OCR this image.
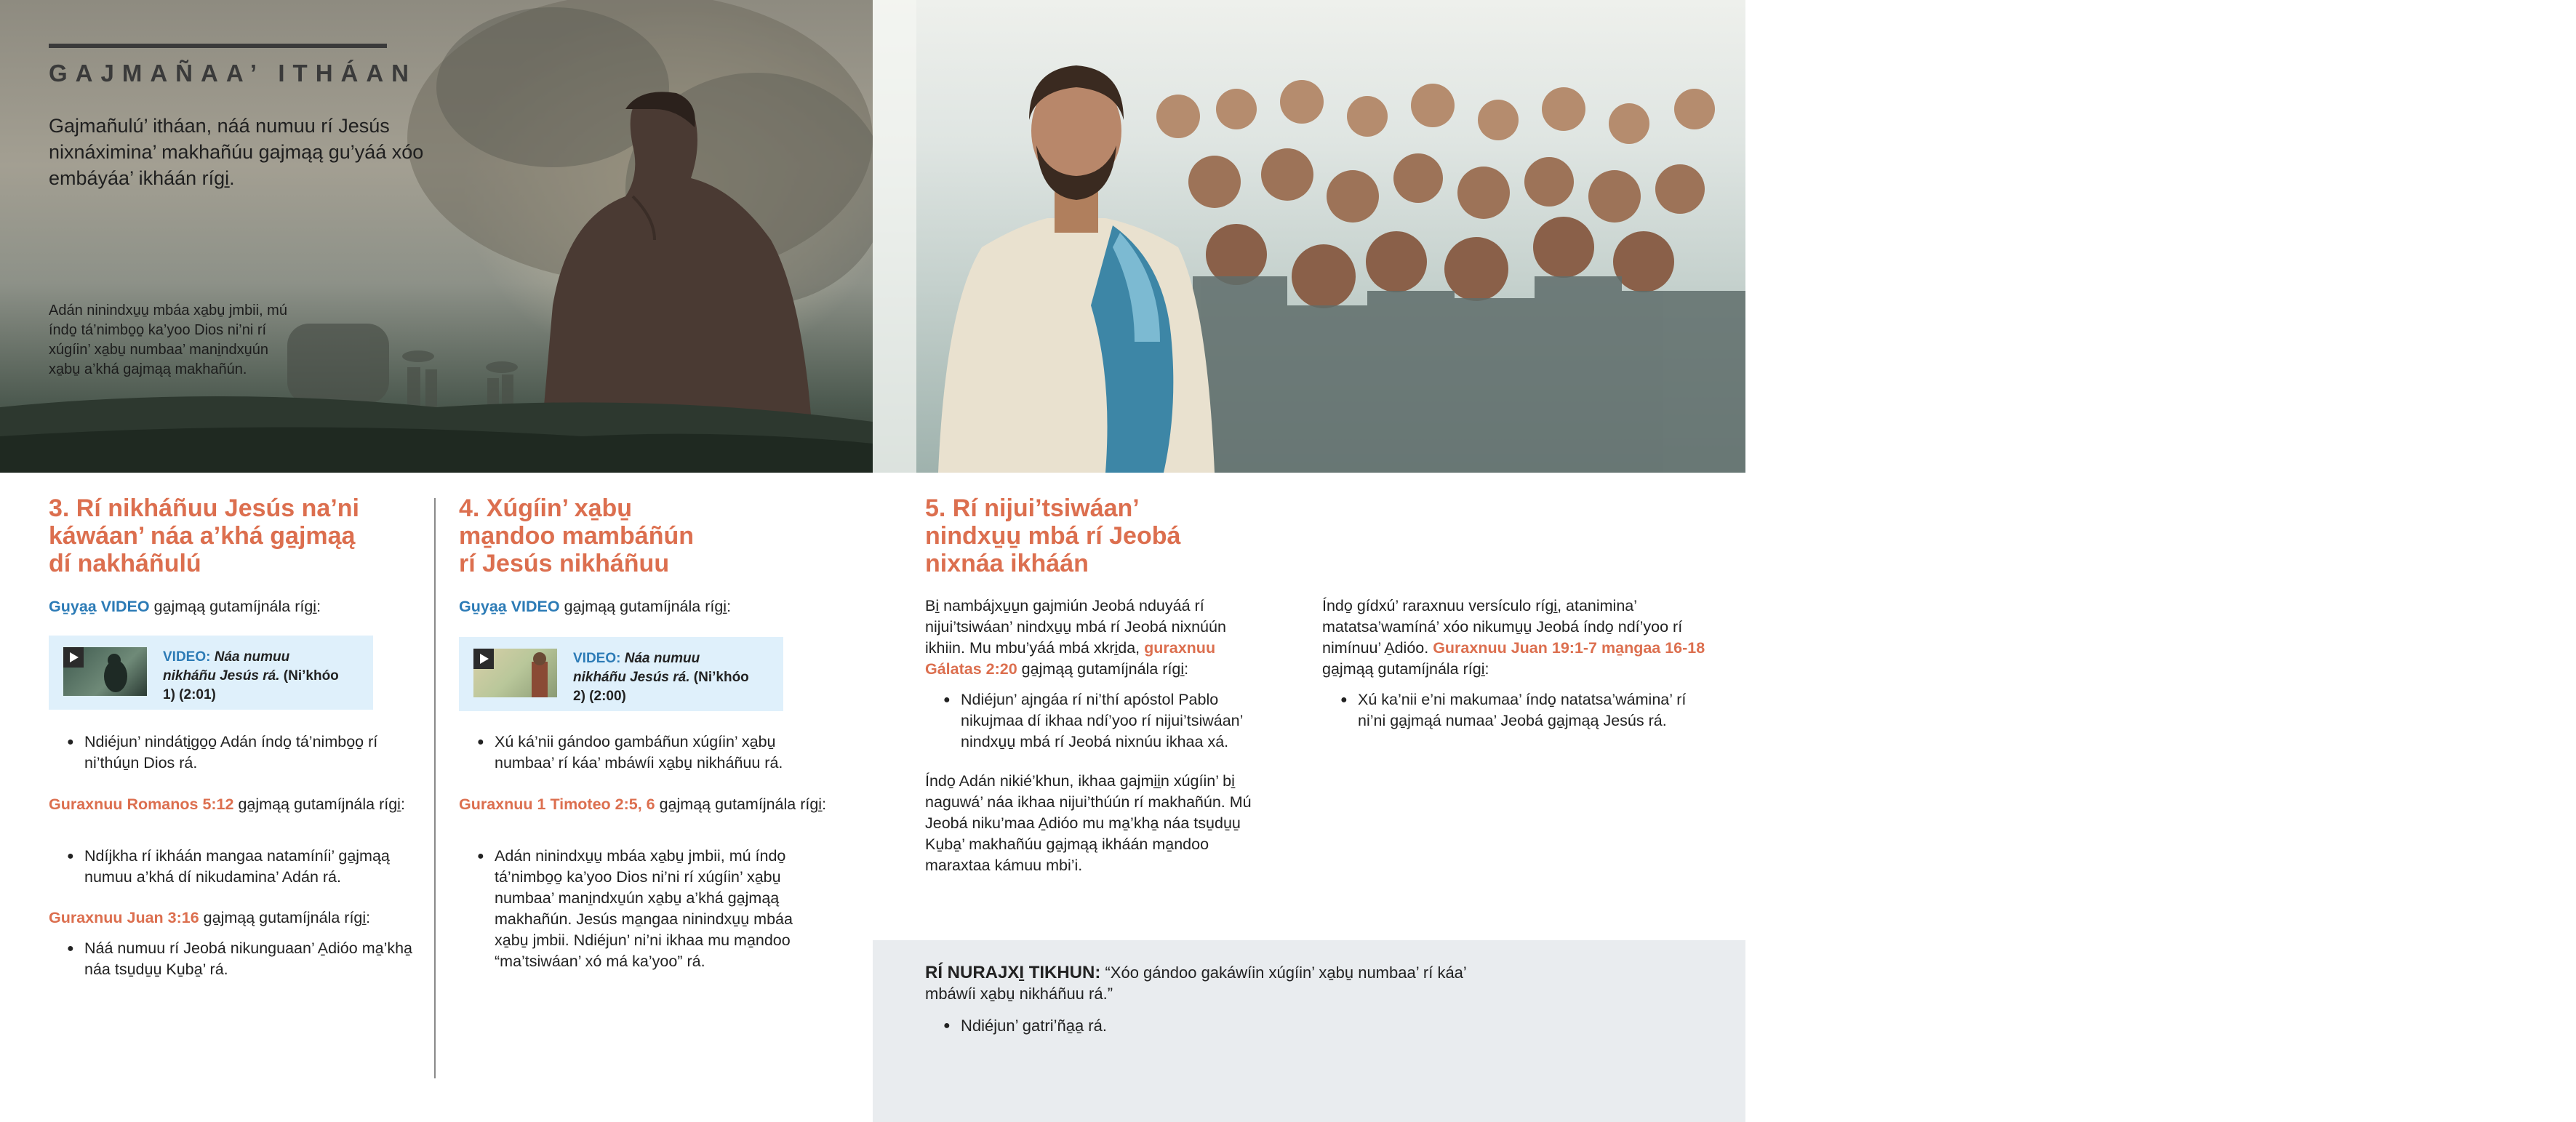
GAJMAÑAA’ ITHÁAN
Gajmañulú’ itháan, náá numuu rí Jesús nixnáximina’ makhañúu gajmąą gu’yáá xóo embáyáa’ ikháán rígi̱.
Adán ninindxu̱u̱ mbáa xa̱bu̱ jmbii, mú índo̱ tá’nimbo̱o̱ ka’yoo Dios ni’ni rí xúgíin’ xa̱bu̱ numbaa’ mani̱ndxu̱ún xa̱bu̱ a’khá gajmąą makhañún.
Jesús ninindxu̱u̱ mbáa xa̱bu̱ jmbii gajmąą numuu rí ni’nimbo̱o̱ ka’yoo Dios, nimba’too kambąą mu xa̱bu̱ numbaa’ mani̱ndxu̱ún xa̱bu̱ jmbiin gajmąą makuwá kámuu mbi’i.
3. Rí nikháñuu Jesús na’ni
káwáan’ náa a’khá ga̱jmąą
dí nakháñulú
Gu̱ya̱a̱ VIDEO ga̱jmąą gutamíjnála rígi̱:
VIDEO: Náa numuu nikháñu Jesús rá. (Ni’khóo 1) (2:01)
● Ndiéjun’ nindáti̱go̱o̱ Adán índo̱ tá’nimbo̱o̱ rí ni’thúu̱n Dios rá.
Guraxnuu Romanos 5:12 ga̱jmąą gutamíjnála rígi̱:
● Ndíjkha rí ikháán mangaa natamíníi’ ga̱jmąą numuu a’khá dí nikudamina’ Adán rá.
Guraxnuu Juan 3:16 ga̱jmąą gutamíjnála rígi̱:
● Náá numuu rí Jeobá nikunguaan’ A̱dióo ma̱’kha̱ náa tsu̱du̱u̱ Ku̱ba̱’ rá.
4. Xúgíin’ xa̱bu̱
ma̱ndoo mambáñún
rí Jesús nikháñuu
Gu̱ya̱a̱ VIDEO ga̱jmąą gutamíjnála rígi̱:
VIDEO: Náa numuu nikháñu Jesús rá. (Ni’khóo 2) (2:00)
● Xú ká’nii gándoo gambáñun xúgíin’ xa̱bu̱ numbaa’ rí káa’ mbáwíi xa̱bu̱ nikháñuu rá.
Guraxnuu 1 Timoteo 2:5, 6 ga̱jmąą gutamíjnála rígi̱:
● Adán ninindxu̱u̱ mbáa xa̱bu̱ jmbii, mú índo̱ tá’nimbo̱o̱ ka’yoo Dios ni’ni rí xúgíin’ xa̱bu̱ numbaa’ mani̱ndxu̱ún xa̱bu̱ a’khá ga̱jmąą makhañún. Jesús ma̱ngaa ninindxu̱u̱ mbáa xa̱bu̱ jmbii. Ndiéjun’ ni’ni ikhaa mu ma̱ndoo “ma’tsiwáan’ xó má ka’yoo” rá.
5. Rí nijui’tsiwáan’
nindxu̱u̱ mbá rí Jeobá
nixnáa ikháán
Bi̱ nambájxu̱u̱n gajmiún Jeobá nduyáá rí nijui’tsiwáan’ nindxu̱u̱ mbá rí Jeobá nixnúún ikhiin. Mu mbu’yáá mbá xkri̱da, guraxnuu Gálatas 2:20 ga̱jmąą gutamíjnála rígi̱:
● Ndiéjun’ ajngáa rí ni’thí apóstol Pablo nikujmaa dí ikhaa ndí’yoo rí nijui’tsiwáan’ nindxu̱u̱ mbá rí Jeobá nixnúu ikhaa xá.
Índo̱ Adán nikié’khun, ikhaa gajmi̱i̱n xúgíin’ bi̱ naguwá’ náa ikhaa nijui’thúún rí makhañún. Mú Jeobá niku’maa A̱dióo mu ma̱’kha̱ náa tsu̱du̱u̱ Ku̱ba̱’ makhañúu ga̱jmąą ikháán ma̱ndoo maraxtaa kámuu mbi’i.
Índo̱ gídxú’ raraxnuu versículo rígi̱, atanimina’ matatsa’wamíná’ xóo nikumu̱u̱ Jeobá índo̱ ndí’yoo rí nimínuu’ A̱dióo. Guraxnuu Juan 19:1-7 ma̱ngaa 16-18 ga̱jmąą gutamíjnála rígi̱:
● Xú ka’nii e’ni makumaa’ índo̱ natatsa’wámina’ rí ni’ni ga̱jmąá numaa’ Jeobá ga̱jmąą Jesús rá.
RÍ NURAJXI̱ TIKHUN: “Xóo gándoo gakáwíin xúgíin’ xa̱bu̱ numbaa’ rí káa’ mbáwíi xa̱bu̱ nikháñuu rá.”
● Ndiéjun’ gatri’ña̱a̱ rá.
